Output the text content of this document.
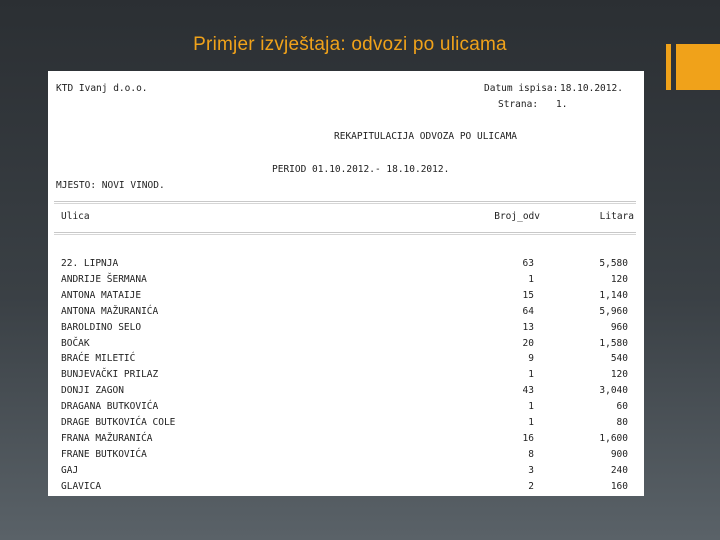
Primjer izvještaja: odvozi po ulicama
KTD Ivanj d.o.o.	Datum ispisa: 18.10.2012.
Strana: 1.
REKAPITULACIJA ODVOZA PO ULICAMA
PERIOD 01.10.2012.- 18.10.2012.
MJESTO: NOVI VINOD.
Ulica	Broj_odv	Litara
22. LIPNJA	63	5,580
ANDRIJE ŠERMANA	1	120
ANTONA MATAIJE	15	1,140
ANTONA MAŽURANIĆA	64	5,960
BAROLDINO SELO	13	960
BOČAK	20	1,580
BRAĆE MILETIĆ	9	540
BUNJEVAČKI PRILAZ	1	120
DONJI ZAGON	43	3,040
DRAGANA BUTKOVIĆA	1	60
DRAGE BUTKOVIĆA COLE	1	80
FRANA MAŽURANIĆA	16	1,600
FRANE BUTKOVIĆA	8	900
GAJ	3	240
GLAVICA	2	160
